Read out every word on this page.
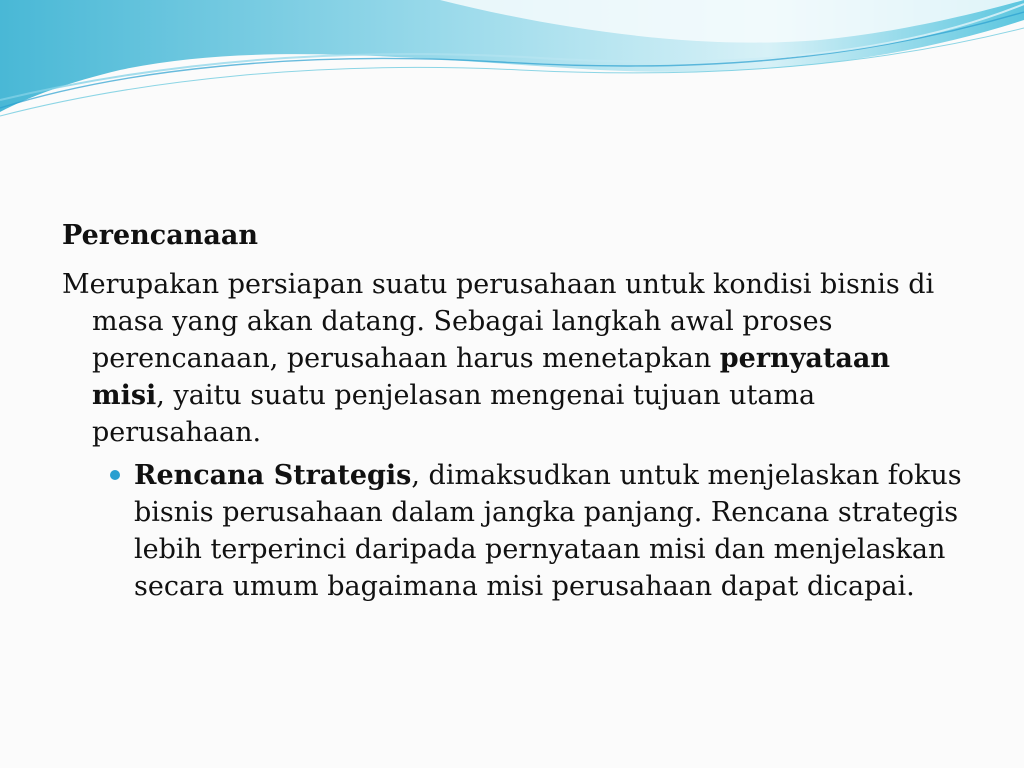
Perencanaan

Merupakan persiapan suatu perusahaan untuk kondisi bisnis di masa yang akan datang. Sebagai langkah awal proses perencanaan, perusahaan harus menetapkan pernyataan misi, yaitu suatu penjelasan mengenai tujuan utama perusahaan.

Rencana Strategis, dimaksudkan untuk menjelaskan fokus bisnis perusahaan dalam jangka panjang. Rencana strategis lebih terperinci daripada pernyataan misi dan menjelaskan secara umum bagaimana misi perusahaan dapat dicapai.
